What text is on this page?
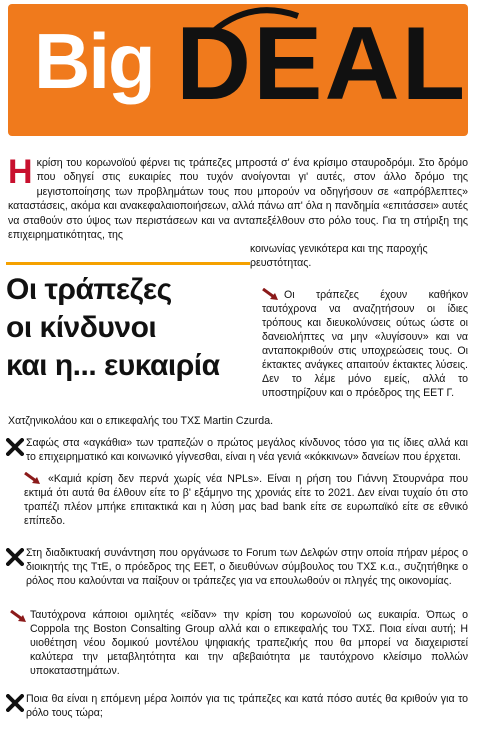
Big DEAL
Η κρίση του κορωνοϊού φέρνει τις τράπεζες μπροστά σ' ένα κρίσιμο σταυροδρόμι. Στο δρόμο που οδηγεί στις ευκαιρίες που τυχόν ανοίγονται γι' αυτές, στον άλλο δρόμο της μεγιστοποίησης των προβλημάτων τους που μπορούν να οδηγήσουν σε «απρόβλεπτες» καταστάσεις, ακόμα και ανακεφαλαιοποιήσεων, αλλά πάνω απ' όλα η πανδημία «επιτάσσει» αυτές να σταθούν στο ύψος των περιστάσεων και να ανταπεξέλθουν στο ρόλο τους. Για τη στήριξη της επιχειρηματικότητας, της
κοινωνίας γενικότερα και της παροχής ρευστότητας.
Οι τράπεζες
οι κίνδυνοι
και η... ευκαιρία
Οι τράπεζες έχουν καθήκον ταυτόχρονα να αναζητήσουν οι ίδιες τρόπους και διευκολύνσεις ούτως ώστε οι δανειολήπτες να μην «λυγίσουν» και να ανταποκριθούν στις υποχρεώσεις τους. Οι έκτακτες ανάγκες απαιτούν έκτακτες λύσεις. Δεν το λέμε μόνο εμείς, αλλά το υποστηρίζουν και ο πρόεδρος της ΕΕΤ Γ.
Χατζηνικολάου και ο επικεφαλής του ΤΧΣ Martin Czurda.
Σαφώς στα «αγκάθια» των τραπεζών ο πρώτος μεγάλος κίνδυνος τόσο για τις ίδιες αλλά και το επιχειρηματικό και κοινωνικό γίγνεσθαι, είναι η νέα γενιά «κόκκινων» δανείων που έρχεται.
«Καμιά κρίση δεν περνά χωρίς νέα NPLs». Είναι η ρήση του Γιάννη Στουρνάρα που εκτιμά ότι αυτά θα έλθουν είτε το β' εξάμηνο της χρονιάς είτε το 2021. Δεν είναι τυχαίο ότι στο τραπέζι πλέον μπήκε επιτακτικά και η λύση μας bad bank είτε σε ευρωπαϊκό είτε σε εθνικό επίπεδο.
Στη διαδικτυακή συνάντηση που οργάνωσε το Forum των Δελφών στην οποία πήραν μέρος ο διοικητής της ΤτΕ, ο πρόεδρος της ΕΕΤ, ο διευθύνων σύμβουλος του ΤΧΣ κ.α., συζητήθηκε ο ρόλος που καλούνται να παίξουν οι τράπεζες για να επουλωθούν οι πληγές της οικονομίας.
Ταυτόχρονα κάποιοι ομιλητές «είδαν» την κρίση του κορωνοϊού ως ευκαιρία. Όπως ο Coppola της Boston Consalting Group αλλά και ο επικεφαλής του ΤΧΣ. Ποια είναι αυτή; Η υιοθέτηση νέου δομικού μοντέλου ψηφιακής τραπεζικής που θα μπορεί να διαχειριστεί καλύτερα την μεταβλητότητα και την αβεβαιότητα με ταυτόχρονο κλείσιμο πολλών υποκαταστημάτων.
Ποια θα είναι η επόμενη μέρα λοιπόν για τις τράπεζες και κατά πόσο αυτές θα κριθούν για το ρόλο τους τώρα;
